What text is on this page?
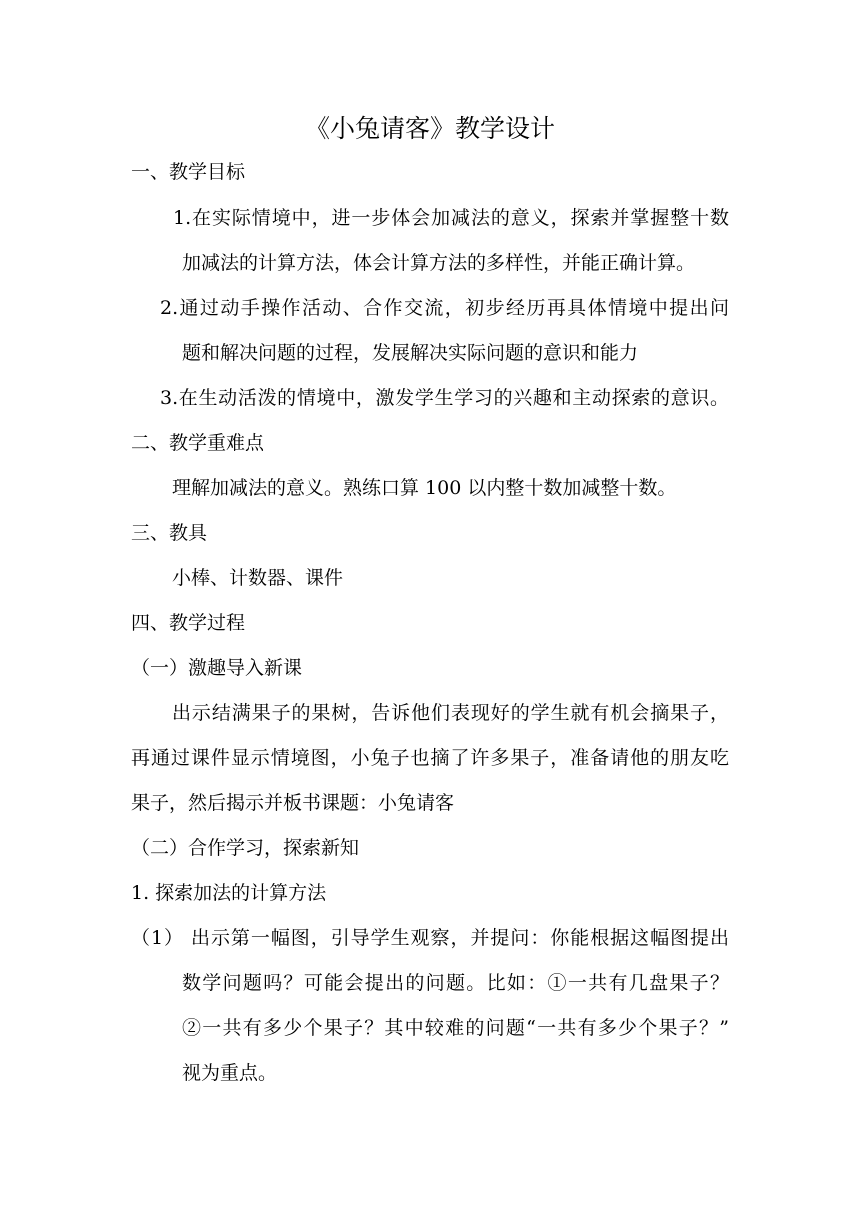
《小兔请客》教学设计
一、教学目标
1.在实际情境中，进一步体会加减法的意义，探索并掌握整十数
加减法的计算方法，体会计算方法的多样性，并能正确计算。
2.通过动手操作活动、合作交流，初步经历再具体情境中提出问
题和解决问题的过程，发展解决实际问题的意识和能力
3.在生动活泼的情境中，激发学生学习的兴趣和主动探索的意识。
二、教学重难点
理解加减法的意义。熟练口算 100 以内整十数加减整十数。
三、教具
小棒、计数器、课件
四、教学过程
（一）激趣导入新课
出示结满果子的果树，告诉他们表现好的学生就有机会摘果子，
再通过课件显示情境图，小兔子也摘了许多果子，准备请他的朋友吃
果子，然后揭示并板书课题：小兔请客
（二）合作学习，探索新知
1. 探索加法的计算方法
（1） 出示第一幅图，引导学生观察，并提问：你能根据这幅图提出
数学问题吗？可能会提出的问题。比如：①一共有几盘果子？
②一共有多少个果子？其中较难的问题“一共有多少个果子？”
视为重点。
